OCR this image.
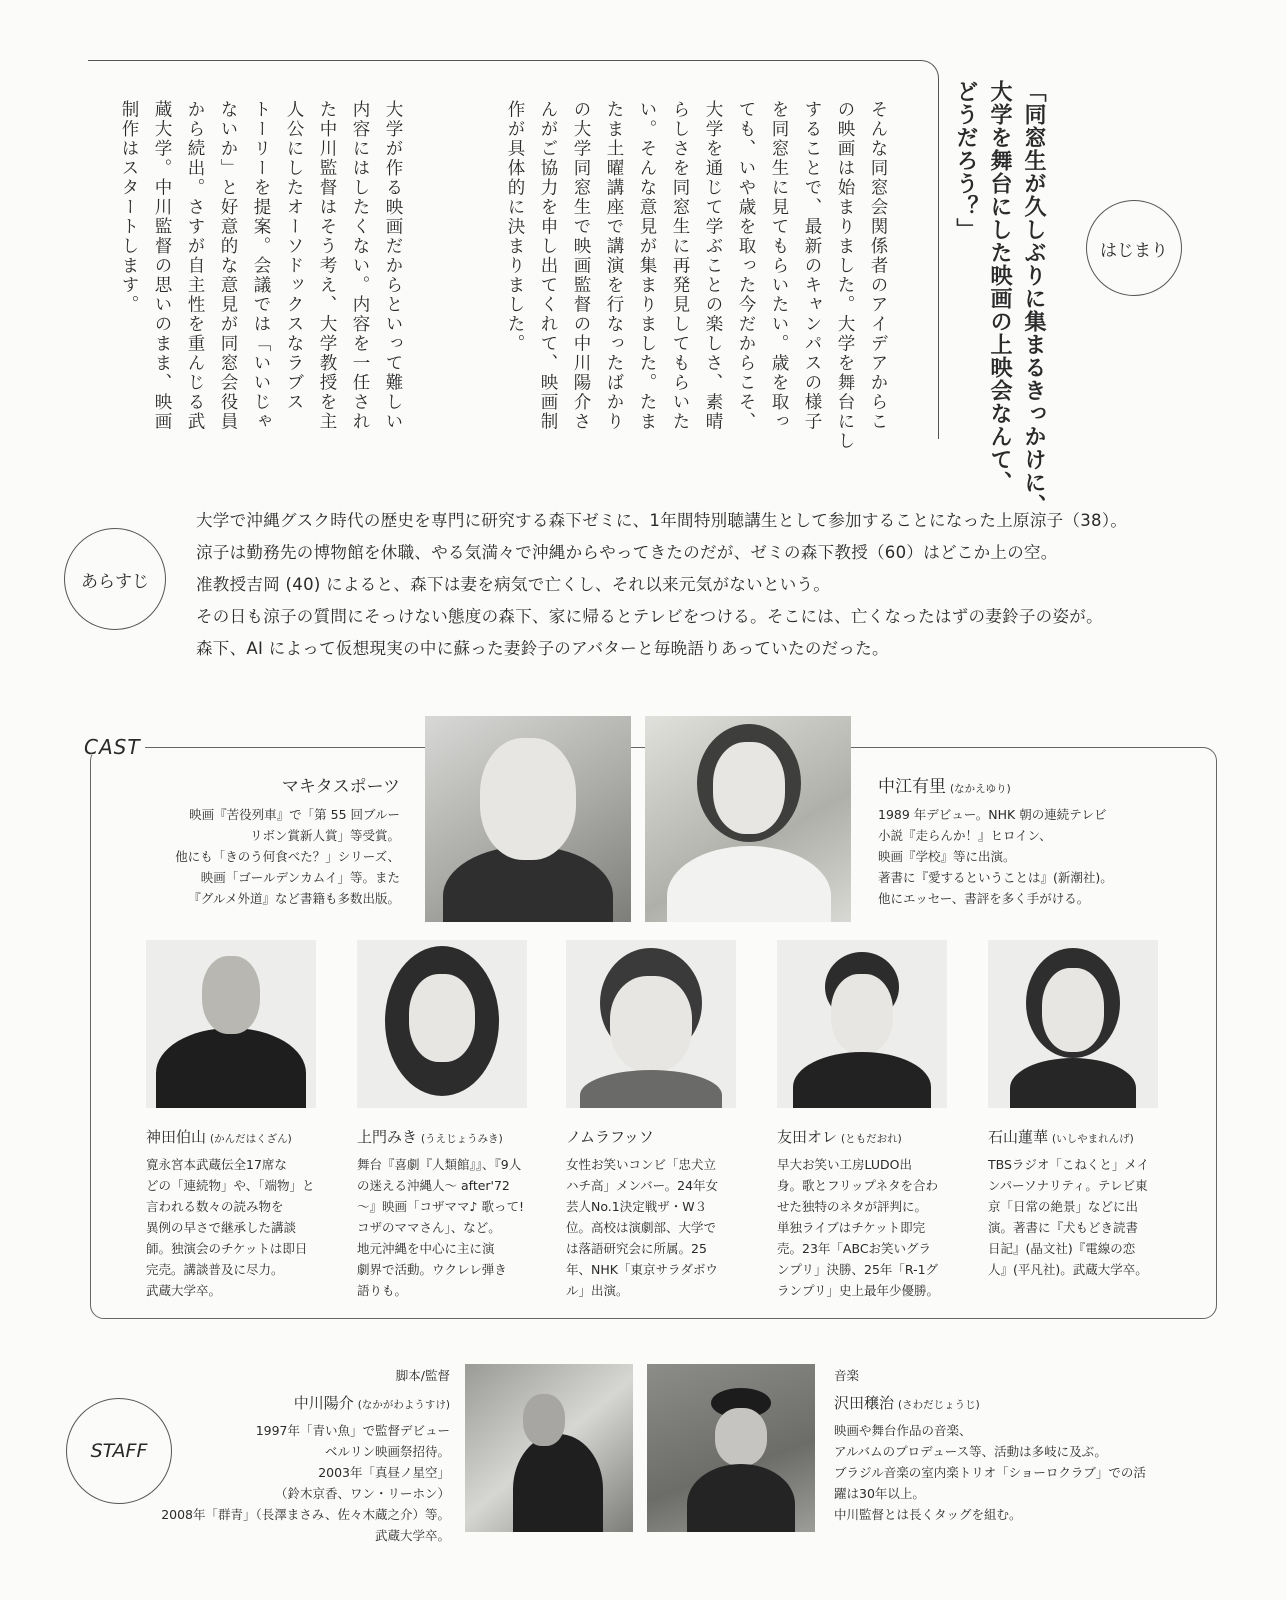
はじまり
「同窓生が久しぶりに集まるきっかけに、
大学を舞台にした映画の上映会なんて、
どうだろう？」
そんな同窓会関係者のアイデアからこ
の映画は始まりました。大学を舞台にし
することで、最新のキャンパスの様子
を同窓生に見てもらいたい。歳を取っ
ても、いや歳を取った今だからこそ、
大学を通じて学ぶことの楽しさ、素晴
らしさを同窓生に再発見してもらいた
い。そんな意見が集まりました。たま
たま土曜講座で講演を行なったばかり
の大学同窓生で映画監督の中川陽介さ
んがご協力を申し出てくれて、映画制
作が具体的に決まりました。
大学が作る映画だからといって難しい
内容にはしたくない。内容を一任され
た中川監督はそう考え、大学教授を主
人公にしたオーソドックスなラブス
トーリーを提案。会議では「いいじゃ
ないか」と好意的な意見が同窓会役員
から続出。さすが自主性を重んじる武
蔵大学。中川監督の思いのまま、映画
制作はスタートします。
あらすじ
大学で沖縄グスク時代の歴史を専門に研究する森下ゼミに、1年間特別聴講生として参加することになった上原涼子（38）。
涼子は勤務先の博物館を休職、やる気満々で沖縄からやってきたのだが、ゼミの森下教授（60）はどこか上の空。
准教授吉岡 (40) によると、森下は妻を病気で亡くし、それ以来元気がないという。
その日も涼子の質問にそっけない態度の森下、家に帰るとテレビをつける。そこには、亡くなったはずの妻鈴子の姿が。
森下、AI によって仮想現実の中に蘇った妻鈴子のアバターと毎晩語りあっていたのだった。
CAST
マキタスポーツ
映画『苦役列車』で「第 55 回ブルー
リボン賞新人賞」等受賞。
他にも「きのう何食べた？」シリーズ、
映画「ゴールデンカムイ」等。また
『グルメ外道』など書籍も多数出版。
中江有里 (なかえゆり)
1989 年デビュー。NHK 朝の連続テレビ
小説『走らんか！』ヒロイン、
映画『学校』等に出演。
著書に『愛するということは』(新潮社)。
他にエッセー、書評を多く手がける。
神田伯山 (かんだはくざん)
寛永宮本武蔵伝全17席な
どの「連続物」や、「端物」と
言われる数々の読み物を
異例の早さで継承した講談
師。独演会のチケットは即日
完売。講談普及に尽力。
武蔵大学卒。
上門みき (うえじょうみき)
舞台『喜劇『人類館』』、『9人
の迷える沖縄人〜 after'72
〜』映画「コザママ♪ 歌って!
コザのママさん」、など。
地元沖縄を中心に主に演
劇界で活動。ウクレレ弾き
語りも。
ノムラフッソ
女性お笑いコンビ「忠犬立
ハチ高」メンバー。24年女
芸人No.1決定戦ザ・W３
位。高校は演劇部、大学で
は落語研究会に所属。25
年、NHK「東京サラダボウ
ル」出演。
友田オレ (ともだおれ)
早大お笑い工房LUDO出
身。歌とフリップネタを合わ
せた独特のネタが評判に。
単独ライブはチケット即完
売。23年「ABCお笑いグラ
ンプリ」決勝、25年「R-1グ
ランプリ」史上最年少優勝。
石山蓮華 (いしやまれんげ)
TBSラジオ「こねくと」メイ
ンパーソナリティ。テレビ東
京「日常の絶景」などに出
演。著書に『犬もどき読書
日記』(晶文社)『電線の恋
人』(平凡社)。武蔵大学卒。
STAFF
脚本/監督
中川陽介 (なかがわようすけ)
1997年「青い魚」で監督デビュー
ベルリン映画祭招待。
2003年「真昼ノ星空」
（鈴木京香、ワン・リーホン）
2008年「群青」（長澤まさみ、佐々木蔵之介）等。
武蔵大学卒。
音楽
沢田穣治 (さわだじょうじ)
映画や舞台作品の音楽、
アルバムのプロデュース等、活動は多岐に及ぶ。
ブラジル音楽の室内楽トリオ「ショーロクラブ」での活
躍は30年以上。
中川監督とは長くタッグを組む。
